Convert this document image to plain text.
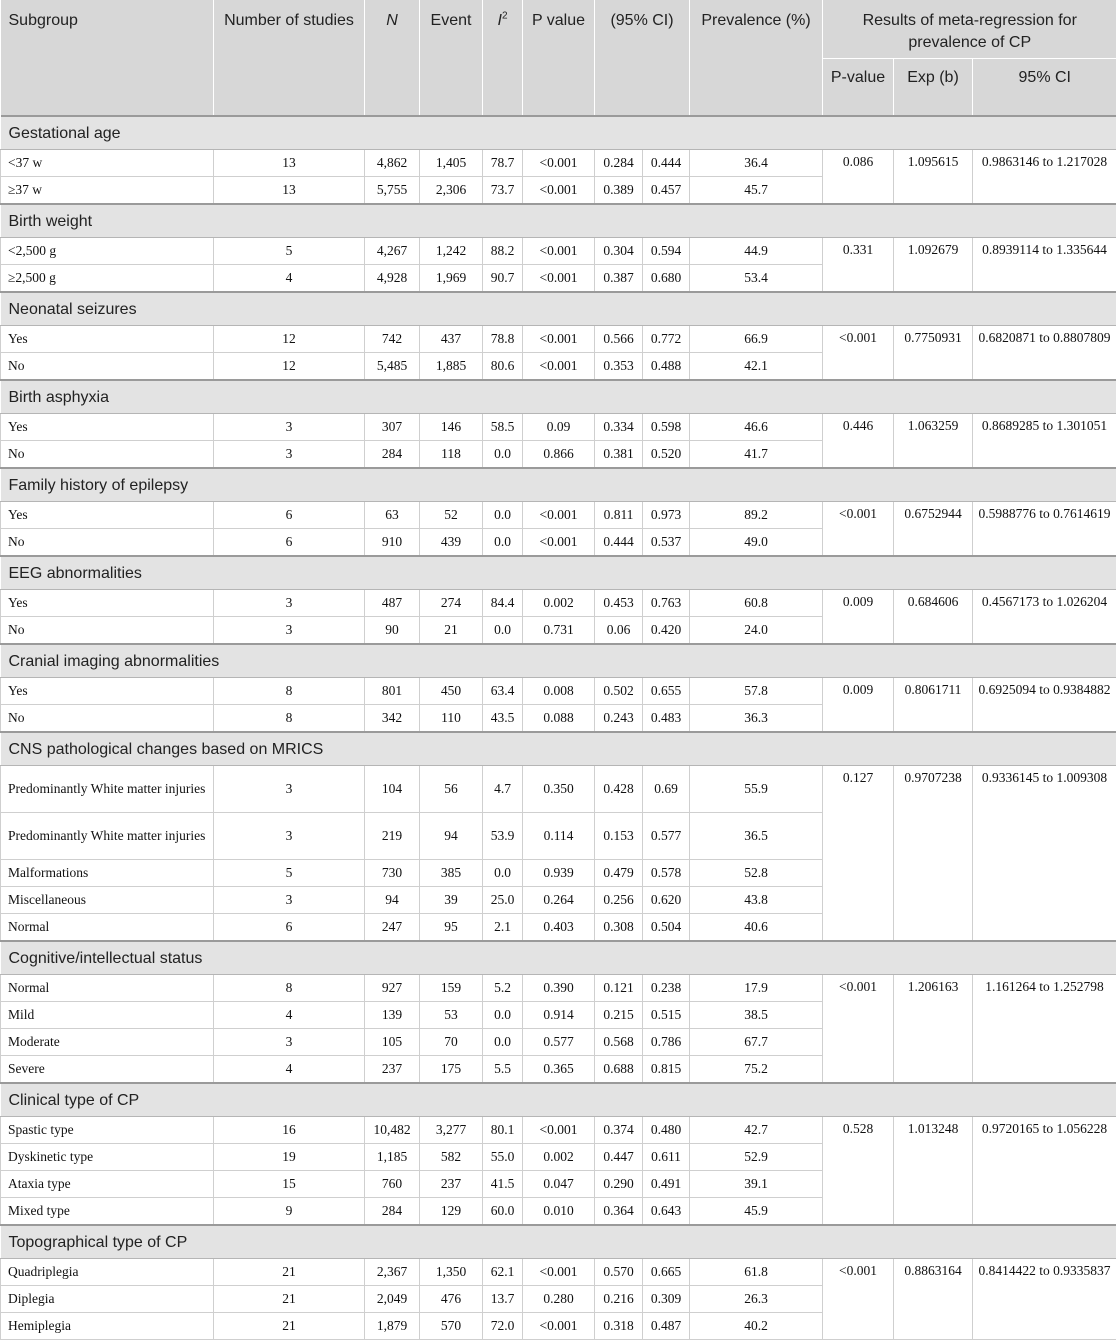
Subgroup	Number of studies	N	Event	$I^2$	P value	(95% CI)		Prevalence (%)	Results of meta-regression for prevalence of CP		
									P-value	Exp (b)	95% CI
Gestational age											
<37 w	13	4,862	1,405	78.7	<0.001	0.284	0.444	36.4	0.086	1.095615	0.9863146 to 1.217028
≥37 w	13	5,755	2,306	73.7	<0.001	0.389	0.457	45.7			
Birth weight											
<2,500 g	5	4,267	1,242	88.2	<0.001	0.304	0.594	44.9	0.331	1.092679	0.8939114 to 1.335644
≥2,500 g	4	4,928	1,969	90.7	<0.001	0.387	0.680	53.4			
Neonatal seizures											
Yes	12	742	437	78.8	<0.001	0.566	0.772	66.9	<0.001	0.7750931	0.6820871 to 0.8807809
No	12	5,485	1,885	80.6	<0.001	0.353	0.488	42.1			
Birth asphyxia											
Yes	3	307	146	58.5	0.09	0.334	0.598	46.6	0.446	1.063259	0.8689285 to 1.301051
No	3	284	118	0.0	0.866	0.381	0.520	41.7			
Family history of epilepsy											
Yes	6	63	52	0.0	<0.001	0.811	0.973	89.2	<0.001	0.6752944	0.5988776 to 0.7614619
No	6	910	439	0.0	<0.001	0.444	0.537	49.0			
EEG abnormalities											
Yes	3	487	274	84.4	0.002	0.453	0.763	60.8	0.009	0.684606	0.4567173 to 1.026204
No	3	90	21	0.0	0.731	0.06	0.420	24.0			
Cranial imaging abnormalities											
Yes	8	801	450	63.4	0.008	0.502	0.655	57.8	0.009	0.8061711	0.6925094 to 0.9384882
No	8	342	110	43.5	0.088	0.243	0.483	36.3			
CNS pathological changes based on MRICS											
Predominantly White matter injuries	3	104	56	4.7	0.350	0.428	0.69	55.9	0.127	0.9707238	0.9336145 to 1.009308
Predominantly White matter injuries	3	219	94	53.9	0.114	0.153	0.577	36.5			
Malformations	5	730	385	0.0	0.939	0.479	0.578	52.8			
Miscellaneous	3	94	39	25.0	0.264	0.256	0.620	43.8			
Normal	6	247	95	2.1	0.403	0.308	0.504	40.6			
Cognitive/intellectual status											
Normal	8	927	159	5.2	0.390	0.121	0.238	17.9	<0.001	1.206163	1.161264 to 1.252798
Mild	4	139	53	0.0	0.914	0.215	0.515	38.5			
Moderate	3	105	70	0.0	0.577	0.568	0.786	67.7			
Severe	4	237	175	5.5	0.365	0.688	0.815	75.2			
Clinical type of CP											
Spastic type	16	10,482	3,277	80.1	<0.001	0.374	0.480	42.7	0.528	1.013248	0.9720165 to 1.056228
Dyskinetic type	19	1,185	582	55.0	0.002	0.447	0.611	52.9			
Ataxia type	15	760	237	41.5	0.047	0.290	0.491	39.1			
Mixed type	9	284	129	60.0	0.010	0.364	0.643	45.9			
Topographical type of CP											
Quadriplegia	21	2,367	1,350	62.1	<0.001	0.570	0.665	61.8	<0.001	0.8863164	0.8414422 to 0.9335837
Diplegia	21	2,049	476	13.7	0.280	0.216	0.309	26.3			
Hemiplegia	21	1,879	570	72.0	<0.001	0.318	0.487	40.2			
